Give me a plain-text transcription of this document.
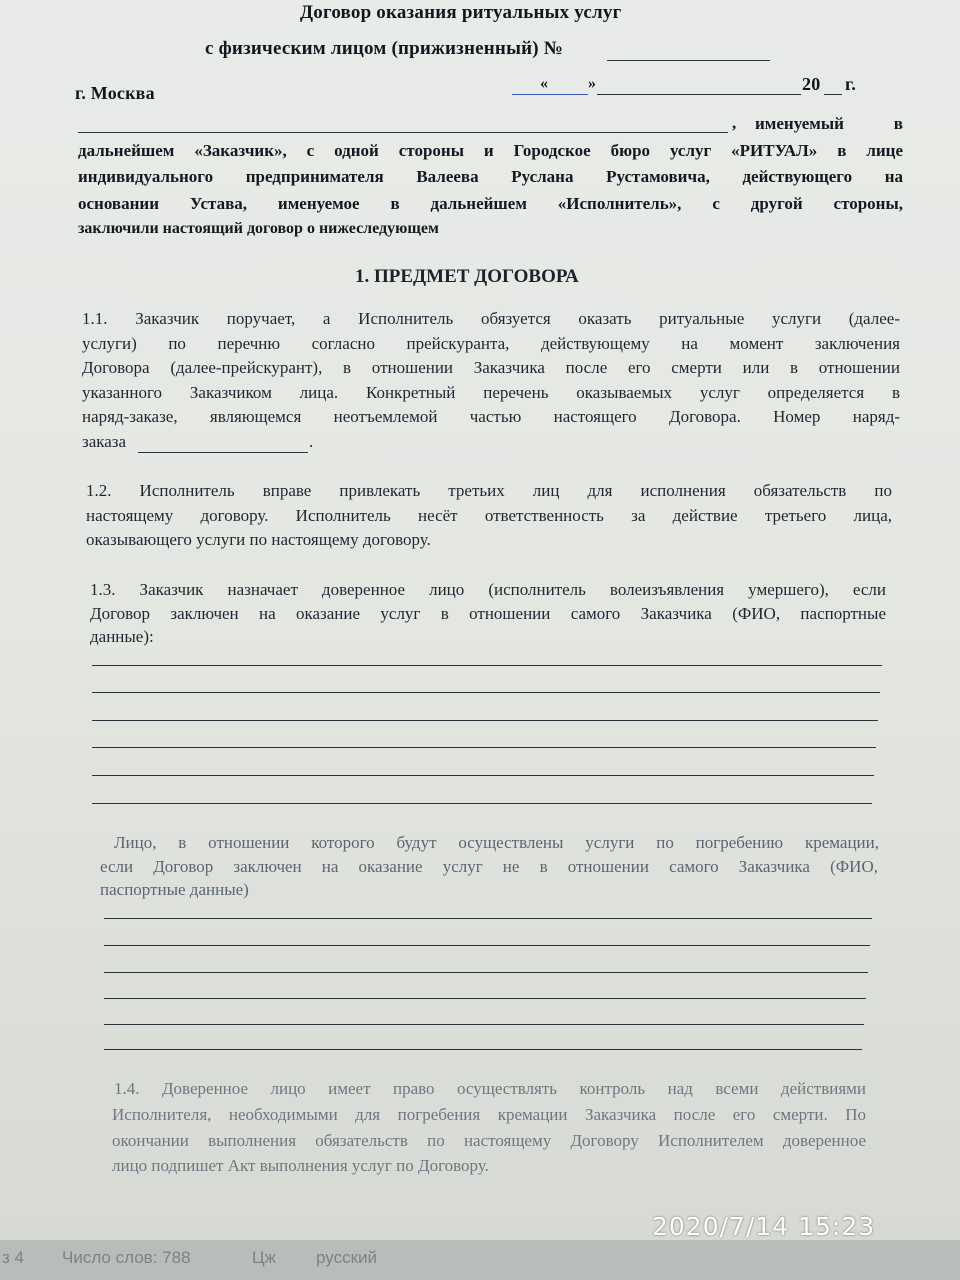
Договор оказания ритуальных услуг
с физическим лицом (прижизненный) №
г. Москва	« »	20 г.
, именуемый в
дальнейшем «Заказчик», с одной стороны и Городское бюро услуг «РИТУАЛ» в лице
индивидуального предпринимателя Валеева Руслана Рустамовича, действующего на
основании Устава, именуемое в дальнейшем «Исполнитель», с другой стороны,
заключили настоящий договор о нижеследующем
1. ПРЕДМЕТ ДОГОВОРА
1.1. Заказчик поручает, а Исполнитель обязуется оказать ритуальные услуги (далее-
услуги) по перечню согласно прейскуранта, действующему на момент заключения
Договора (далее-прейскурант), в отношении Заказчика после его смерти или в отношении
указанного Заказчиком лица. Конкретный перечень оказываемых услуг определяется в
наряд-заказе, являющемся неотъемлемой частью настоящего Договора. Номер наряд-
заказа	.
1.2. Исполнитель вправе привлекать третьих лиц для исполнения обязательств по
настоящему договору. Исполнитель несёт ответственность за действие третьего лица,
оказывающего услуги по настоящему договору.
1.3. Заказчик назначает доверенное лицо (исполнитель волеизъявления умершего), если
Договор заключен на оказание услуг в отношении самого Заказчика (ФИО, паспортные
данные):
Лицо, в отношении которого будут осуществлены услуги по погребению кремации,
если Договор заключен на оказание услуг не в отношении самого Заказчика (ФИО,
паспортные данные)
1.4. Доверенное лицо имеет право осуществлять контроль над всеми действиями
Исполнителя, необходимыми для погребения кремации Заказчика после его смерти. По
окончании выполнения обязательств по настоящему Договору Исполнителем доверенное
лицо подпишет Акт выполнения услуг по Договору.
з 4 Число слов: 788	Цж русский
2020/7/14 15:23
